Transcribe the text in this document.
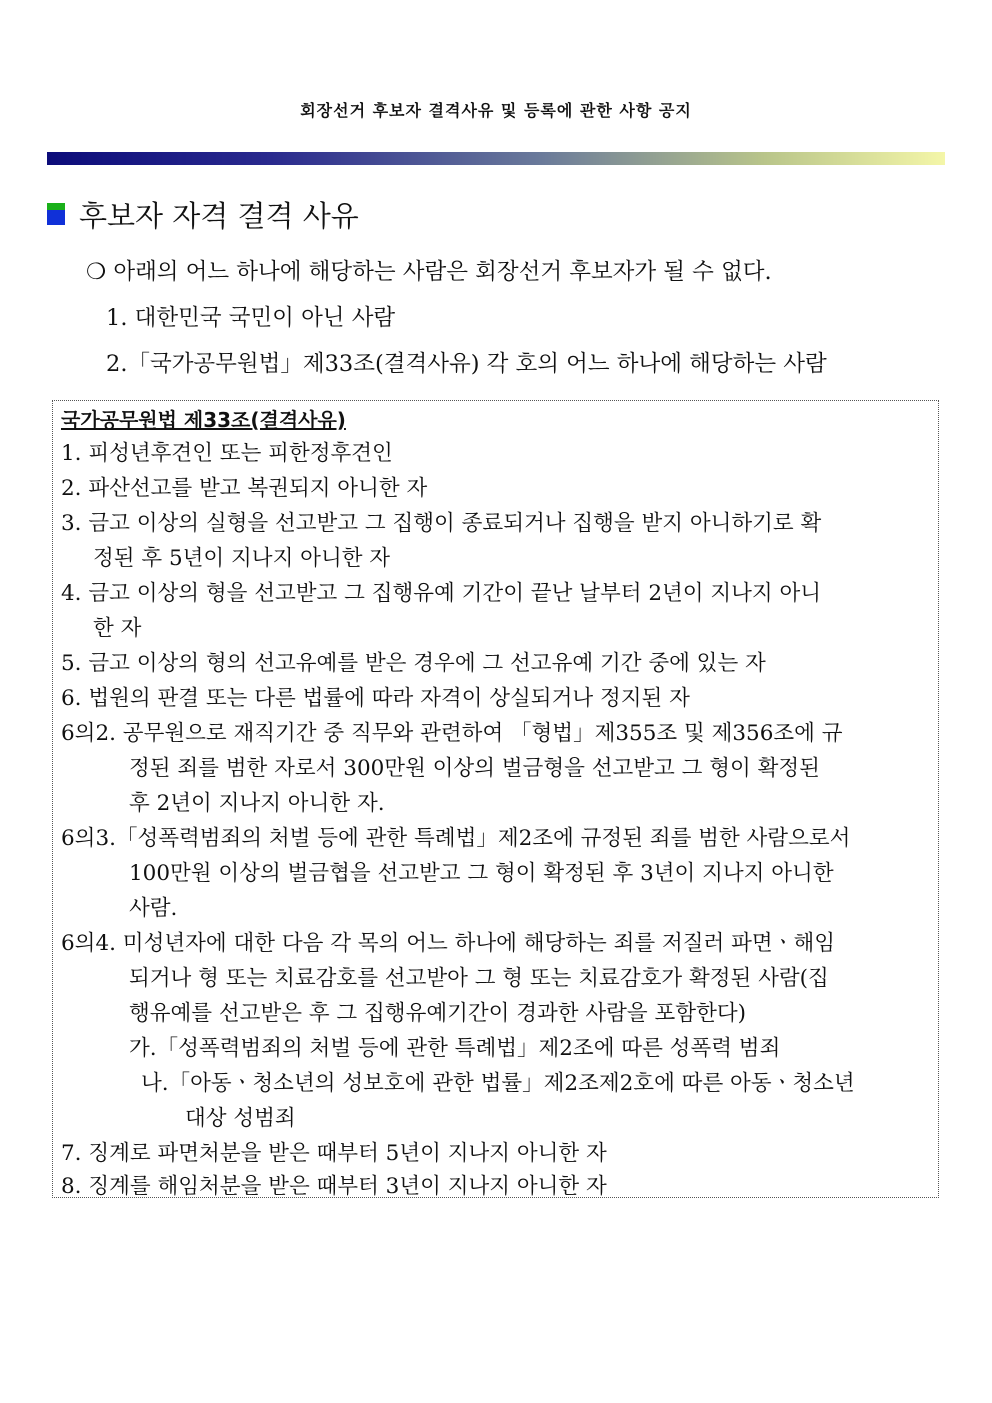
회장선거 후보자 결격사유 및 등록에 관한 사항 공지
후보자 자격 결격 사유
❍ 아래의 어느 하나에 해당하는 사람은 회장선거 후보자가 될 수 없다.
1. 대한민국 국민이 아닌 사람
2.「국가공무원법」제33조(결격사유) 각 호의 어느 하나에 해당하는 사람
국가공무원법 제33조(결격사유)
1. 피성년후견인 또는 피한정후견인
2. 파산선고를 받고 복권되지 아니한 자
3. 금고 이상의 실형을 선고받고 그 집행이 종료되거나 집행을 받지 아니하기로 확
정된 후 5년이 지나지 아니한 자
4. 금고 이상의 형을 선고받고 그 집행유예 기간이 끝난 날부터 2년이 지나지 아니
한 자
5. 금고 이상의 형의 선고유예를 받은 경우에 그 선고유예 기간 중에 있는 자
6. 법원의 판결 또는 다른 법률에 따라 자격이 상실되거나 정지된 자
6의2. 공무원으로 재직기간 중 직무와 관련하여 「형법」제355조 및 제356조에 규
정된 죄를 범한 자로서 300만원 이상의 벌금형을 선고받고 그 형이 확정된
후 2년이 지나지 아니한 자.
6의3.「성폭력범죄의 처벌 등에 관한 특례법」제2조에 규정된 죄를 범한 사람으로서
100만원 이상의 벌금협을 선고받고 그 형이 확정된 후 3년이 지나지 아니한
사람.
6의4. 미성년자에 대한 다음 각 목의 어느 하나에 해당하는 죄를 저질러 파면ㆍ해임
되거나 형 또는 치료감호를 선고받아 그 형 또는 치료감호가 확정된 사람(집
행유예를 선고받은 후 그 집행유예기간이 경과한 사람을 포함한다)
가.「성폭력범죄의 처벌 등에 관한 특례법」제2조에 따른 성폭력 범죄
나.「아동ㆍ청소년의 성보호에 관한 법률」제2조제2호에 따른 아동ㆍ청소년
대상 성범죄
7. 징계로 파면처분을 받은 때부터 5년이 지나지 아니한 자
8. 징계를 해임처분을 받은 때부터 3년이 지나지 아니한 자
